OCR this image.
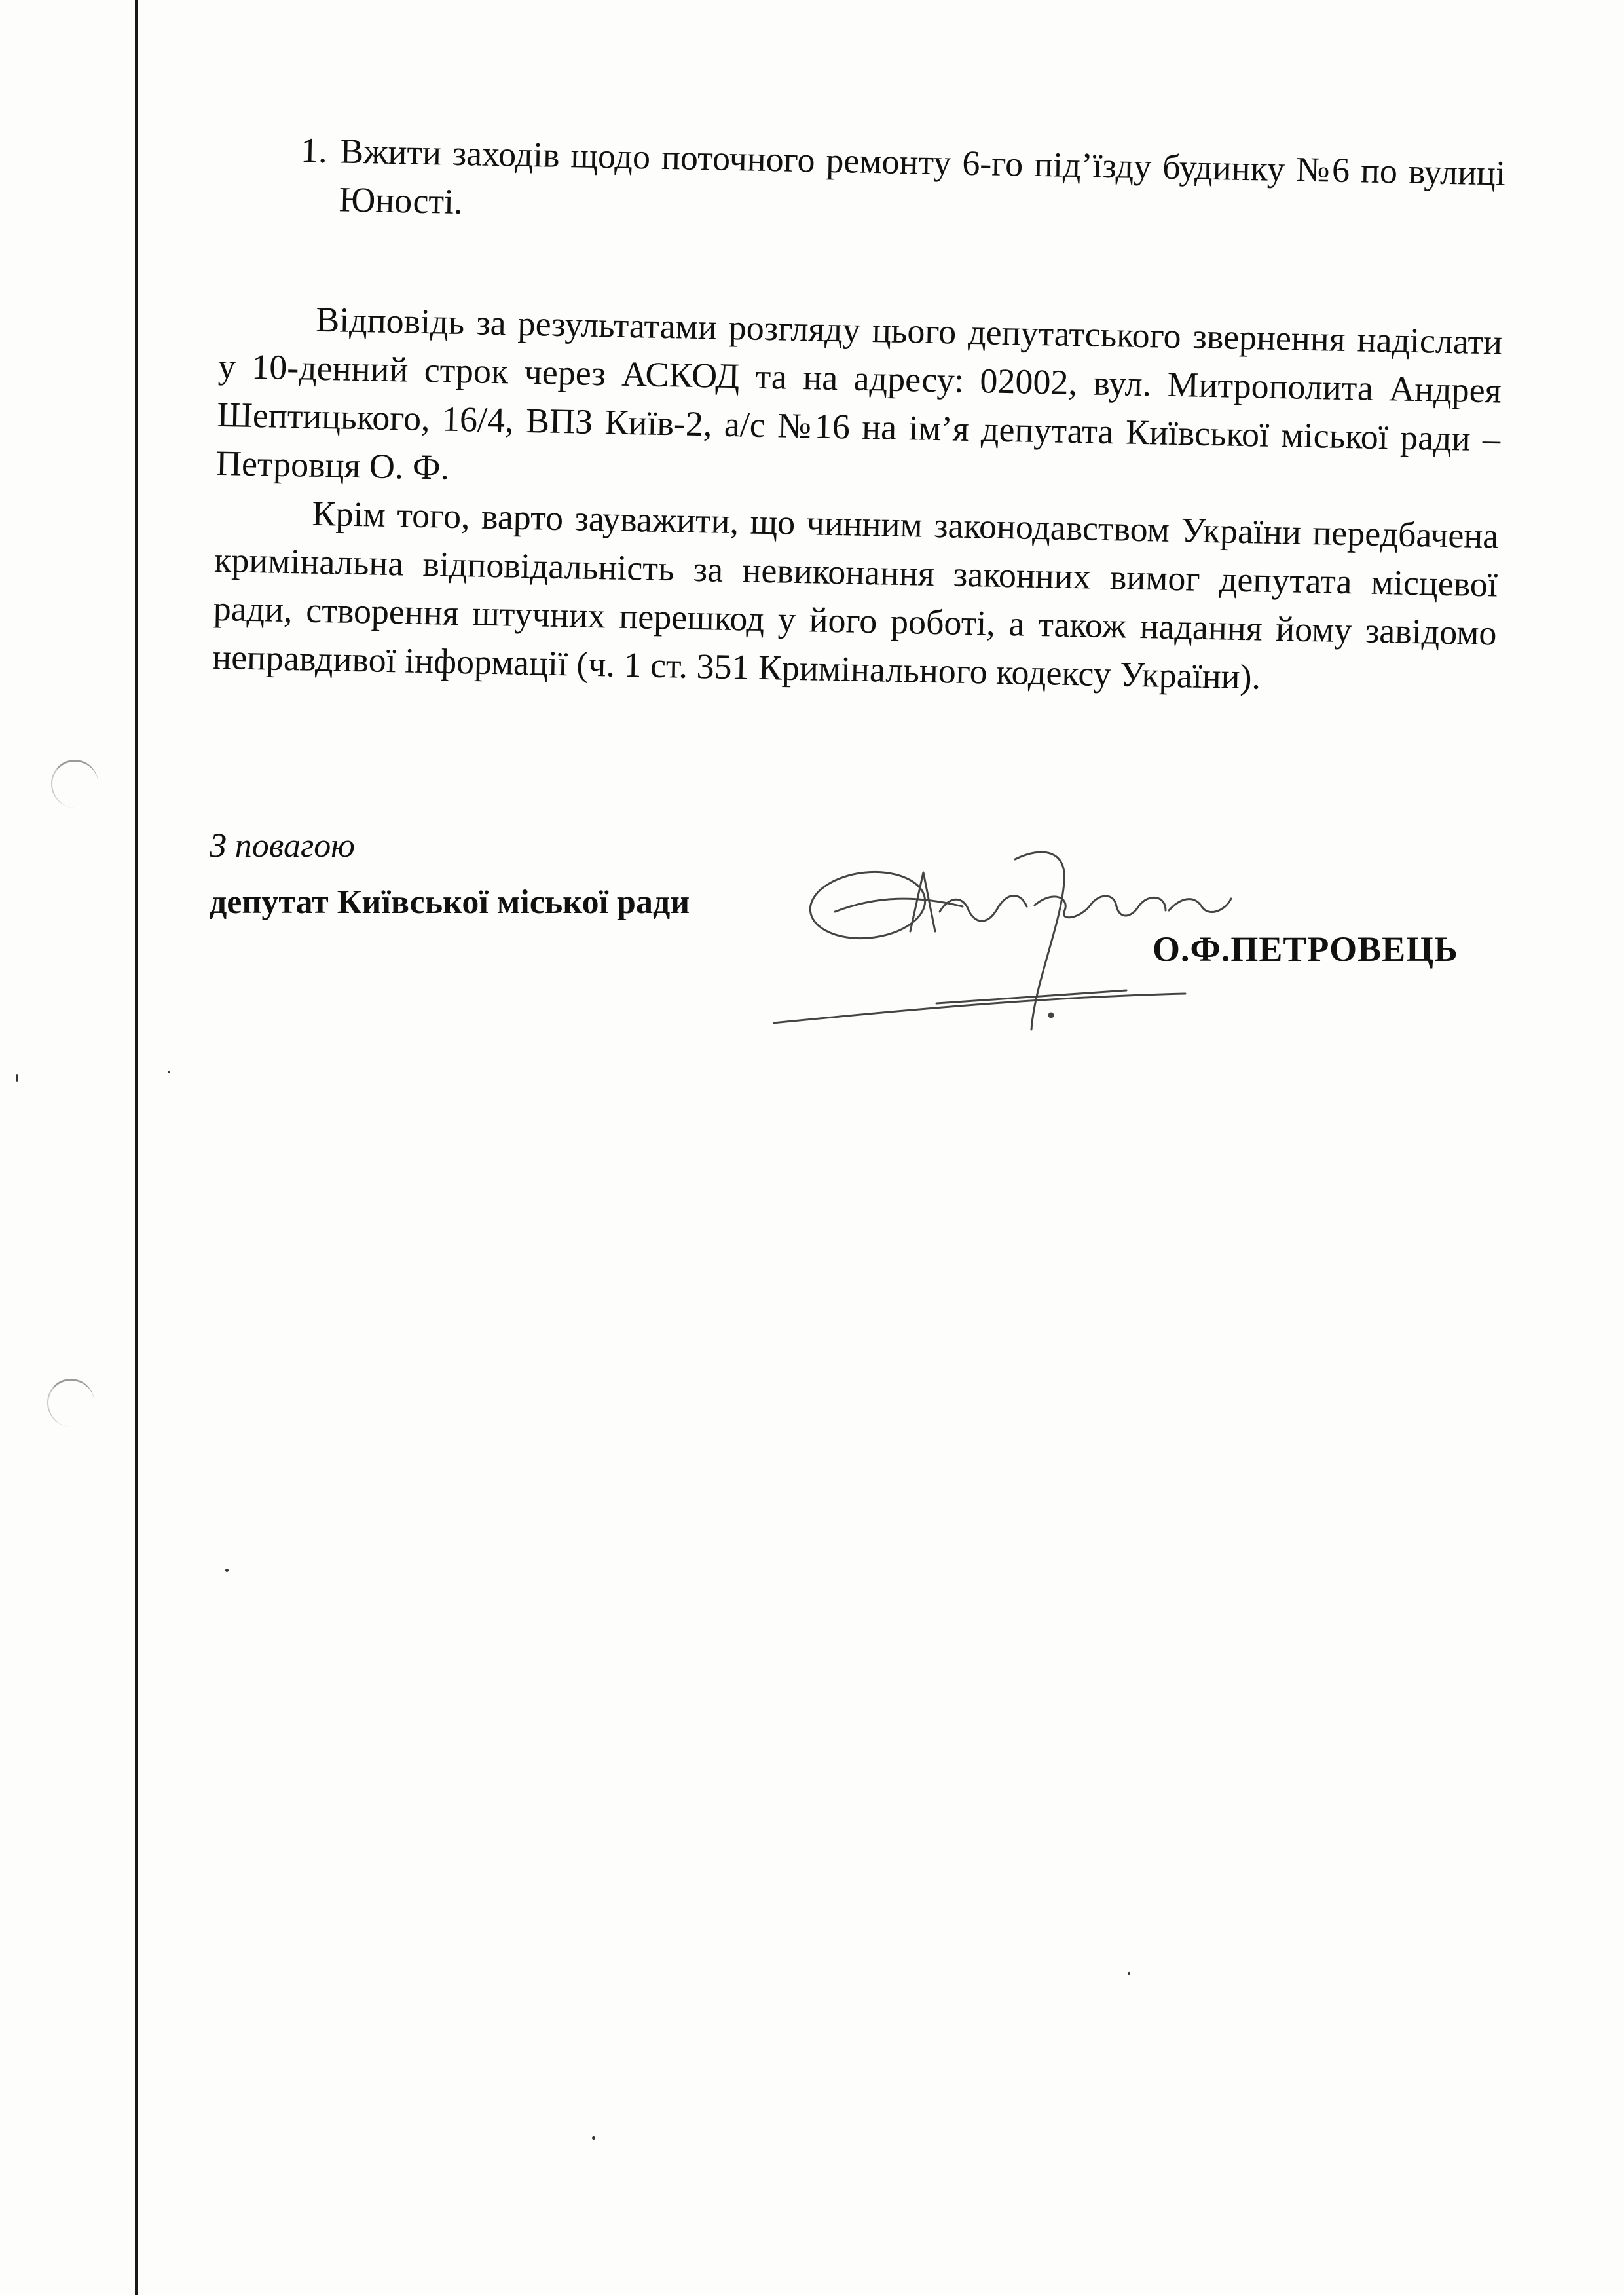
1. Вжити заходів щодо поточного ремонту 6-го під’їзду будинку №6 по вулиці Юності.

Відповідь за результатами розгляду цього депутатського звернення надіслати у 10-денний строк через АСКОД та на адресу: 02002, вул. Митрополита Андрея Шептицького, 16/4, ВПЗ Київ-2, а/с №16 на ім’я депутата Київської міської ради – Петровця О. Ф.

Крім того, варто зауважити, що чинним законодавством України передбачена кримінальна відповідальність за невиконання законних вимог депутата місцевої ради, створення штучних перешкод у його роботі, а також надання йому завідомо неправдивої інформації (ч. 1 ст. 351 Кримінального кодексу України).

З повагою
депутат Київської міської ради
О.Ф.ПЕТРОВЕЦЬ
